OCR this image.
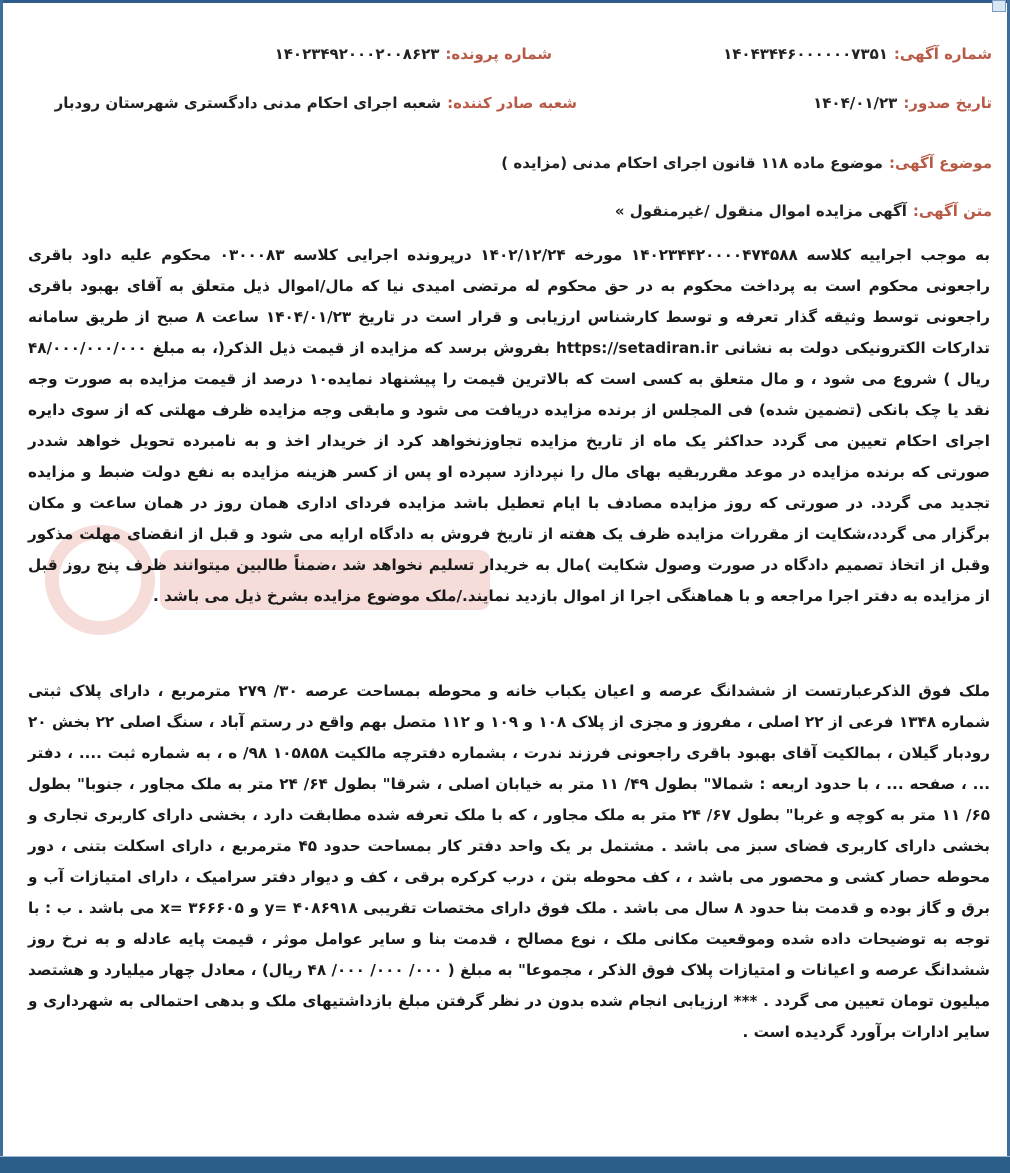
شماره آگهی:۱۴۰۴۳۴۴۶۰۰۰۰۰۰۷۳۵۱
شماره پرونده:۱۴۰۲۳۴۹۲۰۰۰۲۰۰۸۶۲۳
تاریخ صدور:۱۴۰۴/۰۱/۲۳
شعبه صادر کننده:شعبه اجرای احکام مدنی دادگستری شهرستان رودبار
موضوع آگهی:موضوع ماده ۱۱۸ قانون اجرای احکام مدنی (مزایده )
متن آگهی:آگهی مزایده اموال منقول /غیرمنقول »

به موجب اجراییه کلاسه ۱۴۰۲۳۴۴۲۰۰۰۰۴۷۴۵۸۸ مورخه ۱۴۰۲/۱۲/۲۴ درپرونده اجرایی کلاسه ۰۳۰۰۰۸۳ محکوم علیه داود باقری راجعونی محکوم است به پرداخت محکوم به در حق محکوم له مرتضی امیدی نیا که مال/اموال ذیل متعلق به آقای بهبود باقری راجعونی توسط وثیقه گذار تعرفه و توسط کارشناس ارزیابی و قرار است در تاریخ ۱۴۰۴/۰۱/۲۳ ساعت ۸ صبح از طریق سامانه تدارکات الکترونیکی دولت به نشانی https://setadiran.ir بفروش برسد که مزایده از قیمت ذیل الذکر(، به مبلغ ۴۸/۰۰۰/۰۰۰/۰۰۰ ریال ) شروع می شود ، و مال متعلق به کسی است که بالاترین قیمت را پیشنهاد نمایده۱۰ درصد از قیمت مزایده به صورت وجه نقد یا چک بانکی (تضمین شده) فی المجلس از برنده مزایده دریافت می شود و مابقی وجه مزایده ظرف مهلتی که از سوی دایره اجرای احکام تعیین می گردد حداکثر یک ماه از تاریخ مزایده تجاوزنخواهد کرد از خریدار اخذ و به نامبرده تحویل خواهد شددر صورتی که برنده مزایده در موعد مقرربقیه بهای مال را نپردازد سپرده او پس از کسر هزینه مزایده به نفع دولت ضبط و مزایده تجدید می گردد. در صورتی که روز مزایده مصادف با ایام تعطیل باشد مزایده فردای اداری همان روز در همان ساعت و مکان برگزار می گردد،شکایت از مقررات مزایده ظرف یک هفته از تاریخ فروش به دادگاه ارایه می شود و قبل از انقضای مهلت مذکور وقبل از اتخاذ تصمیم دادگاه در صورت وصول شکایت )مال به خریدار تسلیم نخواهد شد ،ضمناً طالبین میتوانند ظرف پنج روز قبل از مزایده به دفتر اجرا مراجعه و با هماهنگی اجرا از اموال بازدید نمایند./ملک موضوع مزایده بشرخ ذیل می باشد .

ملک فوق الذکرعبارتست از ششدانگ عرصه و اعیان یکباب خانه و محوطه بمساحت عرصه ۳۰/ ۲۷۹ مترمربع ، دارای پلاک ثبتی شماره ۱۳۴۸ فرعی از ۲۲ اصلی ، مفروز و مجزی از پلاک ۱۰۸ و ۱۰۹ و ۱۱۲ متصل بهم واقع در رستم آباد ، سنگ اصلی ۲۲ بخش ۲۰ رودبار گیلان ، بمالکیت آقای بهبود باقری راجعونی فرزند ندرت ، بشماره دفترچه مالکیت ۱۰۵۸۵۸ ۹۸/ ه ، به شماره ثبت .... ، دفتر ... ، صفحه ... ، با حدود اربعه : شمالا" بطول ۴۹/ ۱۱ متر به خیابان اصلی ، شرقا" بطول ۶۴/ ۲۴ متر به ملک مجاور ، جنوبا" بطول ۶۵/ ۱۱ متر به کوچه و غربا" بطول ۶۷/ ۲۴ متر به ملک مجاور ، که با ملک تعرفه شده مطابقت دارد ، بخشی دارای کاربری تجاری و بخشی دارای کاربری فضای سبز می باشد . مشتمل بر یک واحد دفتر کار بمساحت حدود ۴۵ مترمربع ، دارای اسکلت بتنی ، دور محوطه حصار کشی و محصور می باشد ، ، کف محوطه بتن ، درب کرکره برقی ، کف و دیوار دفتر سرامیک ، دارای امتیازات آب و برق و گاز بوده و قدمت بنا حدود ۸ سال می باشد . ملک فوق دارای مختصات تقریبی ۴۰۸۶۹۱۸ =y و ۳۶۶۶۰۵ =x می باشد . ب : با توجه به توضیحات داده شده وموقعیت مکانی ملک ، نوع مصالح ، قدمت بنا و سایر عوامل موثر ، قیمت پایه عادله و به نرخ روز ششدانگ عرصه و اعیانات و امتیازات پلاک فوق الذکر ، مجموعا" به مبلغ ( ۰۰۰/ ۰۰۰/ ۰۰۰/ ۴۸ ریال) ، معادل چهار میلیارد و هشتصد میلیون تومان تعیین می گردد . *** ارزیابی انجام شده بدون در نظر گرفتن مبلغ بازداشتیهای ملک و بدهی احتمالی به شهرداری و سایر ادارات برآورد گردیده است .
